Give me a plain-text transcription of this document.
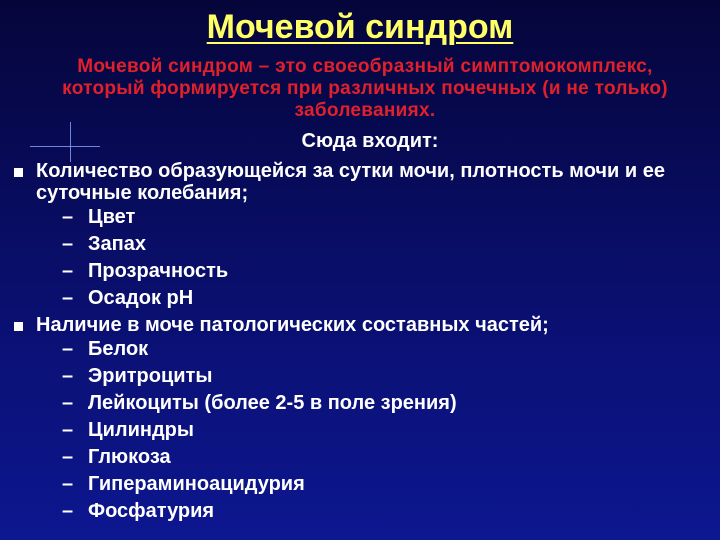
Мочевой синдром
Мочевой синдром – это своеобразный симптомокомплекс, который формируется при различных почечных (и не только) заболеваниях.
Сюда входит:
Количество образующейся за сутки мочи, плотность мочи и ее суточные колебания;
– Цвет
– Запах
– Прозрачность
– Осадок рН
Наличие в моче патологических составных частей;
– Белок
– Эритроциты
– Лейкоциты (более 2-5 в поле зрения)
– Цилиндры
– Глюкоза
– Гипераминоацидурия
– Фосфатурия
